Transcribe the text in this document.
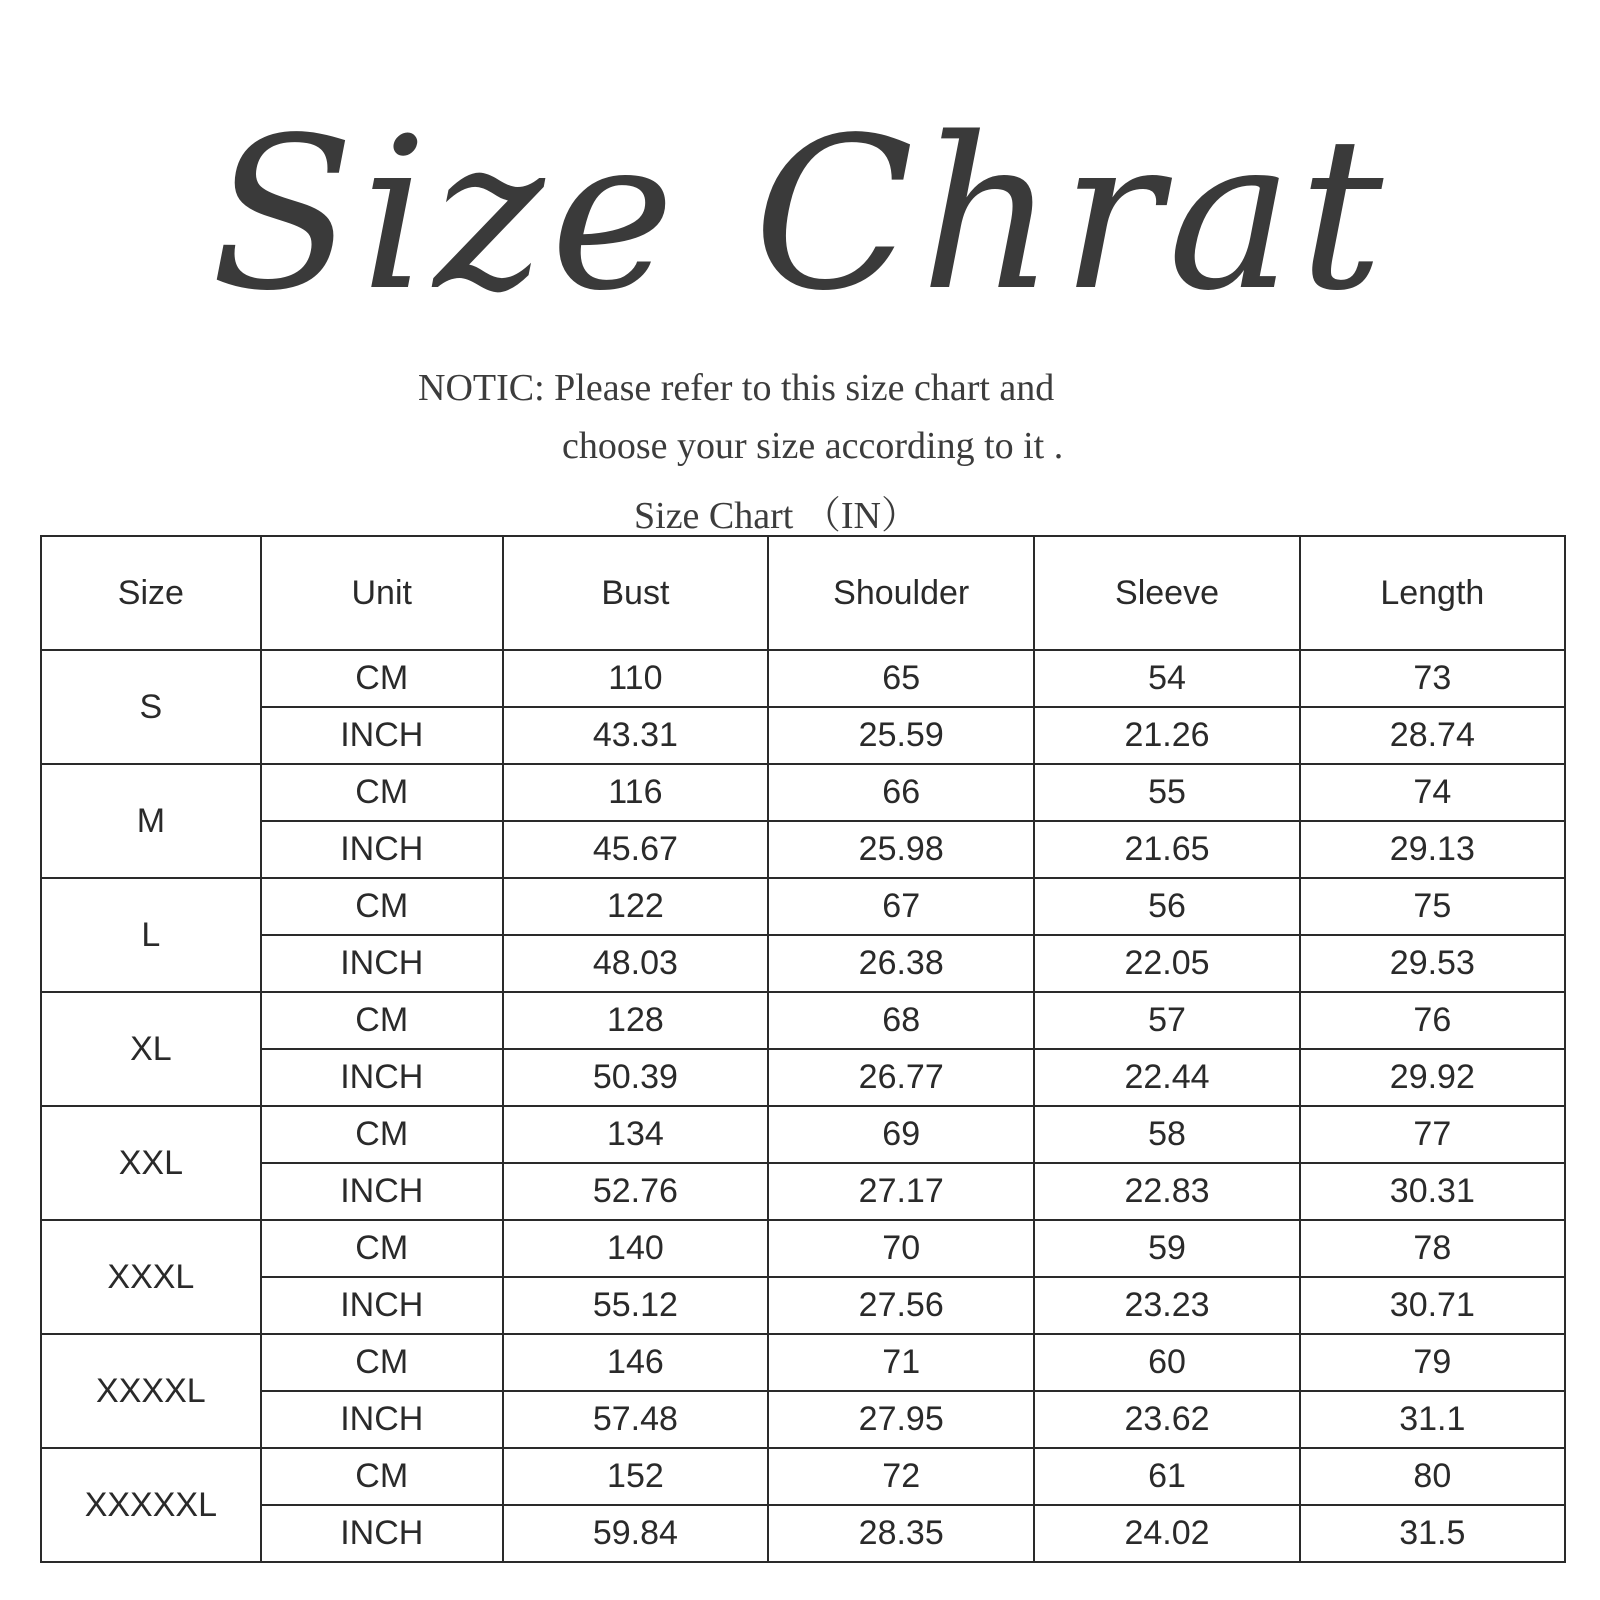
Size Chrat
NOTIC: Please refer to this size chart and
choose your size according to it .
Size Chart （IN）
Size	Unit	Bust	Shoulder	Sleeve	Length
S	CM	110	65	54	73
	INCH	43.31	25.59	21.26	28.74
M	CM	116	66	55	74
	INCH	45.67	25.98	21.65	29.13
L	CM	122	67	56	75
	INCH	48.03	26.38	22.05	29.53
XL	CM	128	68	57	76
	INCH	50.39	26.77	22.44	29.92
XXL	CM	134	69	58	77
	INCH	52.76	27.17	22.83	30.31
XXXL	CM	140	70	59	78
	INCH	55.12	27.56	23.23	30.71
XXXXL	CM	146	71	60	79
	INCH	57.48	27.95	23.62	31.1
XXXXXL	CM	152	72	61	80
	INCH	59.84	28.35	24.02	31.5
